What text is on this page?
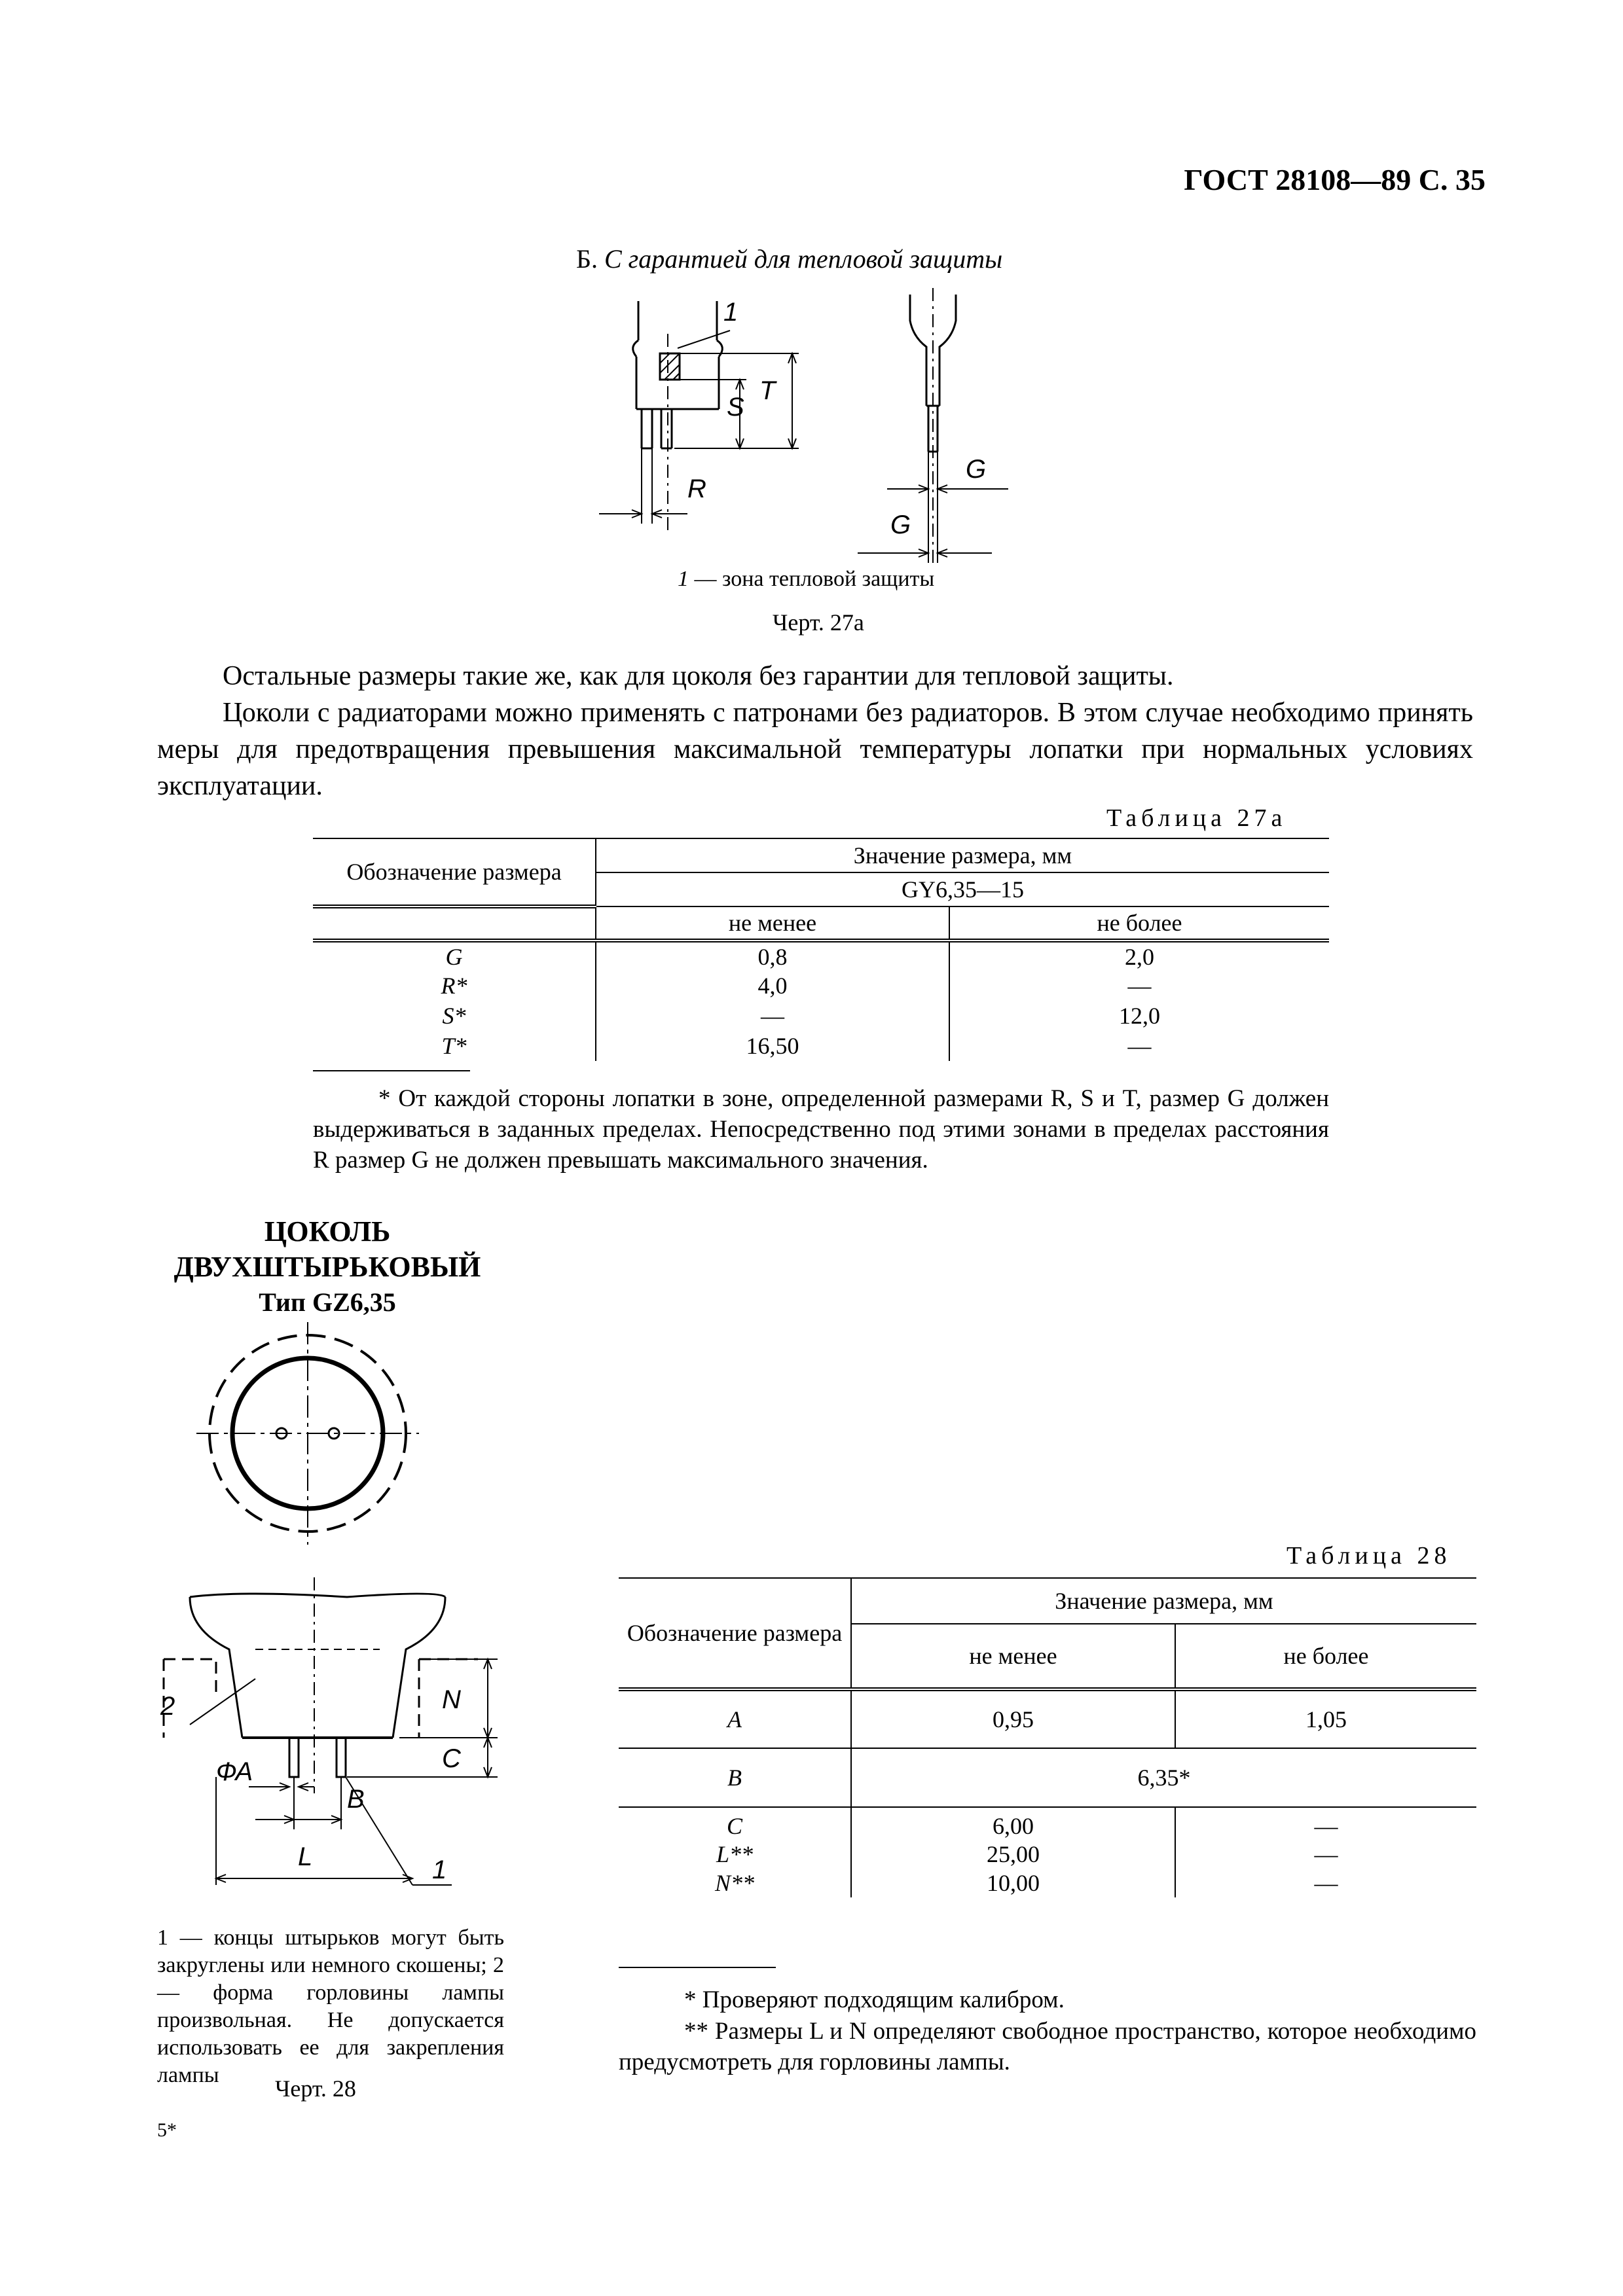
ГОСТ 28108—89 С. 35
Б. С гарантией для тепловой защиты
1
S
T
R
G
G
1 — зона тепловой защиты
Черт. 27а

Остальные размеры такие же, как для цоколя без гарантии для тепловой защиты.

Цоколи с радиаторами можно применять с патронами без радиаторов. В этом случае необходимо принять меры для предотвращения превышения максимальной температуры лопатки при нормальных условиях эксплуатации.

Таблица 27а
Обозначение размера	Значение размера, мм	
	GY6,35—15	
	не менее	не более
G	0,8	2,0
R*	4,0	—
S*	—	12,0
T*	16,50	—
* От каждой стороны лопатки в зоне, определенной размерами R, S и T, размер G должен выдерживаться в заданных пределах. Непосредственно под этими зонами в пределах расстояния R размер G не должен превышать максимального значения.
ЦОКОЛЬ
ДВУХШТЫРЬКОВЫЙ
Тип GZ6,35
N
C
2
ФА
B
L	1
1 — концы штырьков могут быть закруглены или немного скошены; 2 — форма горловины лампы произвольная. Не допускается использовать ее для закрепления лампы
Черт. 28
Таблица 28
Обозначение размера	Значение размера, мм	
	не менее	не более
A	0,95	1,05
B	6,35*	
C	6,00	—
L**	25,00	—
N**	10,00	—
* Проверяют подходящим калибром.
** Размеры L и N определяют свободное пространство, которое необходимо предусмотреть для горловины лампы.
5*
